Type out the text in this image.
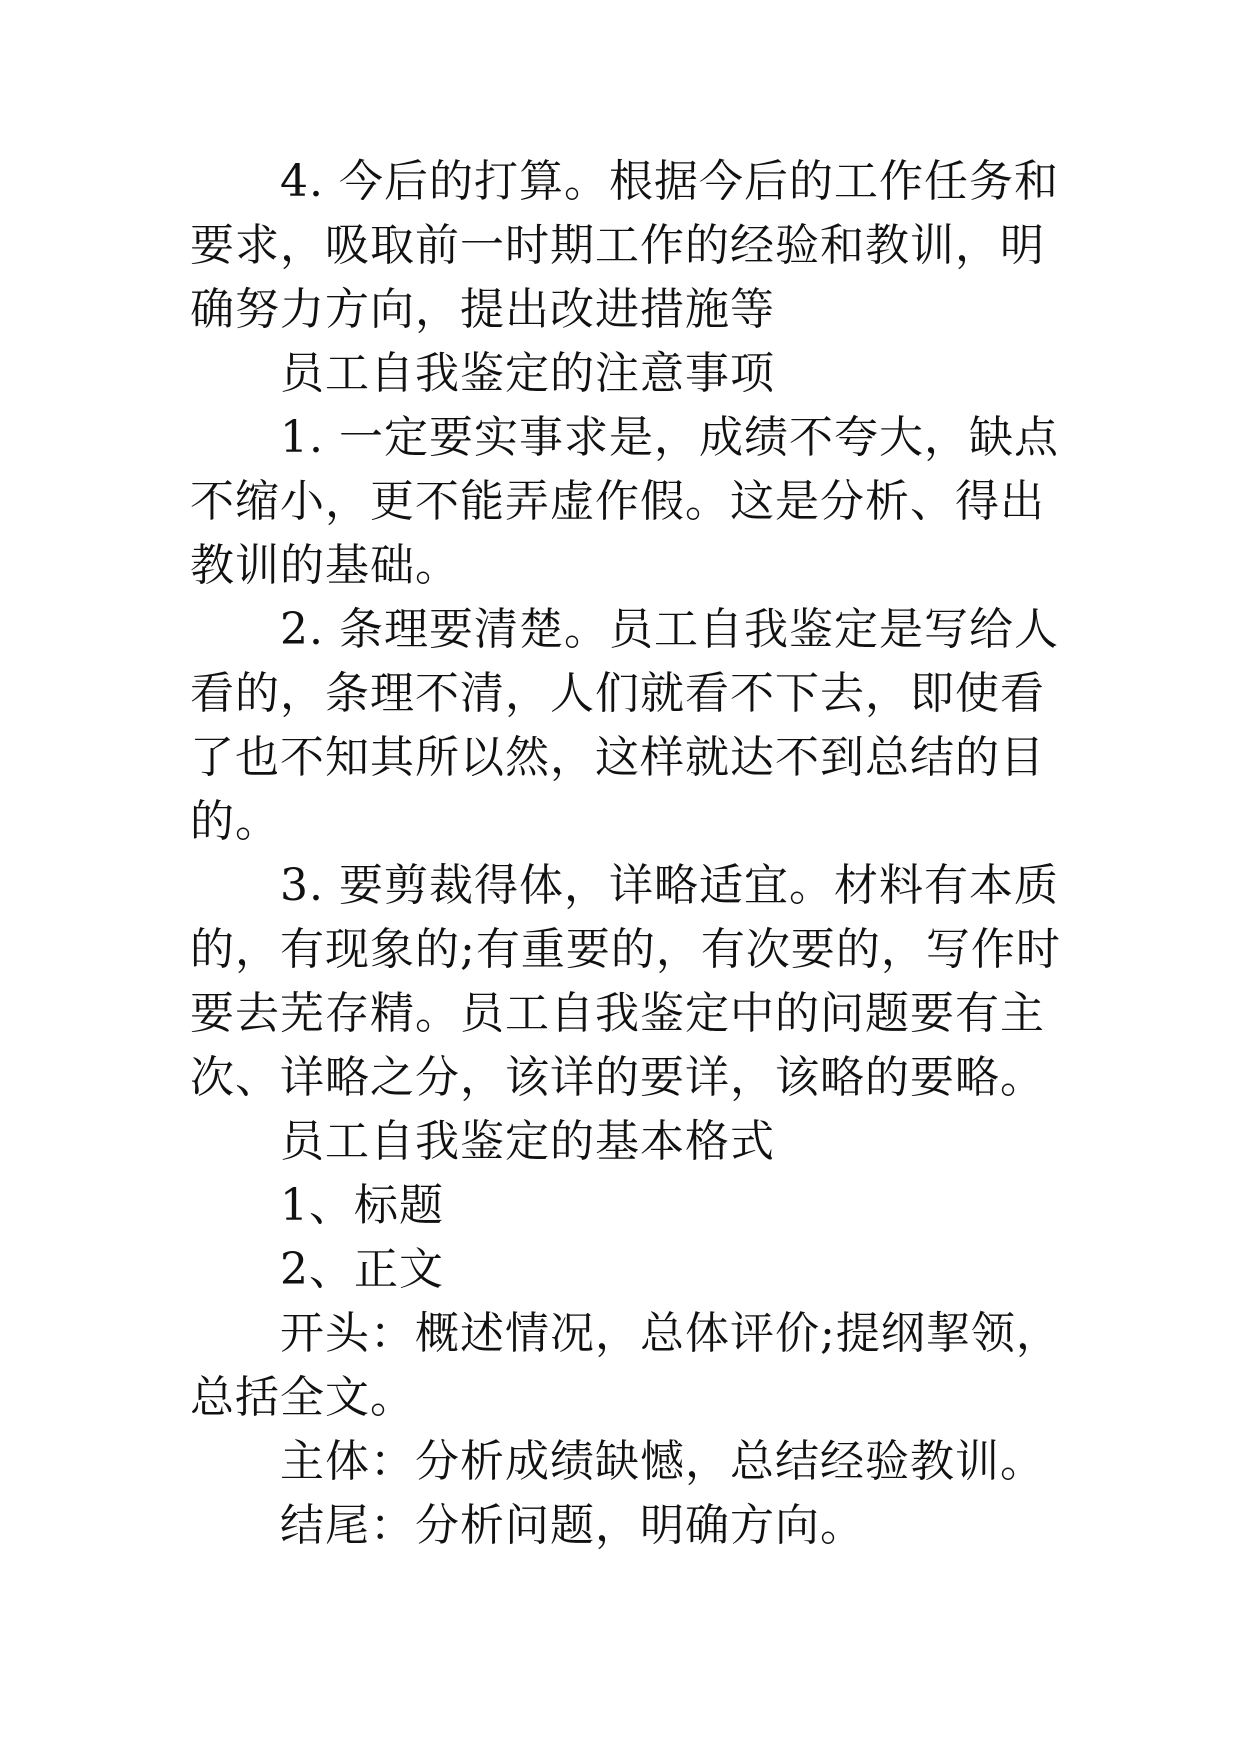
4. 今后的打算。根据今后的工作任务和要求，吸取前一时期工作的经验和教训，明确努力方向，提出改进措施等

员工自我鉴定的注意事项

1. 一定要实事求是，成绩不夸大，缺点不缩小，更不能弄虚作假。这是分析、得出教训的基础。

2. 条理要清楚。员工自我鉴定是写给人看的，条理不清，人们就看不下去，即使看了也不知其所以然，这样就达不到总结的目的。

3. 要剪裁得体，详略适宜。材料有本质的，有现象的;有重要的，有次要的，写作时要去芜存精。员工自我鉴定中的问题要有主次、详略之分，该详的要详，该略的要略。

员工自我鉴定的基本格式

1、标题

2、正文

开头：概述情况，总体评价;提纲挈领，总括全文。

主体：分析成绩缺憾，总结经验教训。

结尾：分析问题，明确方向。
